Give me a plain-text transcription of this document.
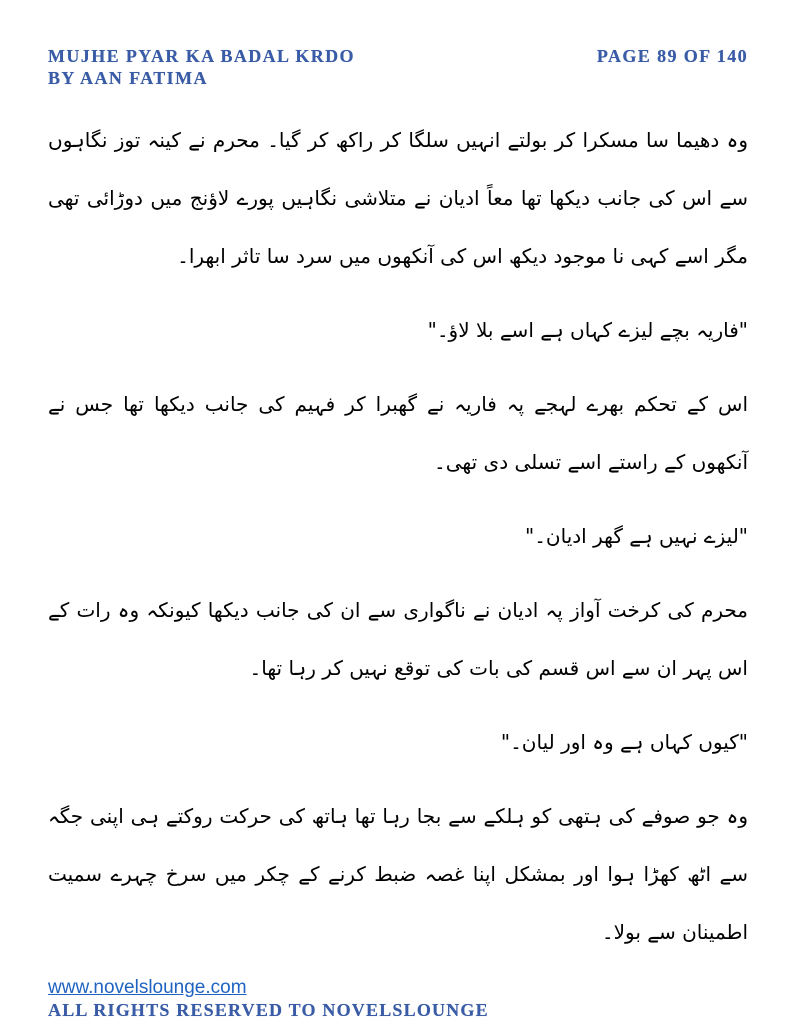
MUJHE PYAR KA BADAL KRDO
BY AAN FATIMA
PAGE 89 OF 140

وہ دھیما سا مسکرا کر بولتے انہیں سلگا کر راکھ کر گیا۔ محرم نے کینہ توز نگاہوں سے اس کی جانب دیکھا تھا معاً ادیان نے متلاشی نگاہیں پورے لاؤنج میں دوڑائی تھی مگر اسے کہی نا موجود دیکھ اس کی آنکھوں میں سرد سا تاثر ابھرا۔

"فاریہ بچے لیزے کہاں ہے اسے بلا لاؤ۔"

اس کے تحکم بھرے لہجے پہ فاریہ نے گھبرا کر فہیم کی جانب دیکھا تھا جس نے آنکھوں کے راستے اسے تسلی دی تھی۔

"لیزے نہیں ہے گھر ادیان۔"

محرم کی کرخت آواز پہ ادیان نے ناگواری سے ان کی جانب دیکھا کیونکہ وہ رات کے اس پہر ان سے اس قسم کی بات کی توقع نہیں کر رہا تھا۔

"کیوں کہاں ہے وہ اور لیان۔"

وہ جو صوفے کی ہتھی کو ہلکے سے بجا رہا تھا ہاتھ کی حرکت روکتے ہی اپنی جگہ سے اٹھ کھڑا ہوا اور بمشکل اپنا غصہ ضبط کرنے کے چکر میں سرخ چہرے سمیت اطمینان سے بولا۔

www.novelslounge.com
ALL RIGHTS RESERVED TO NOVELSLOUNGE
